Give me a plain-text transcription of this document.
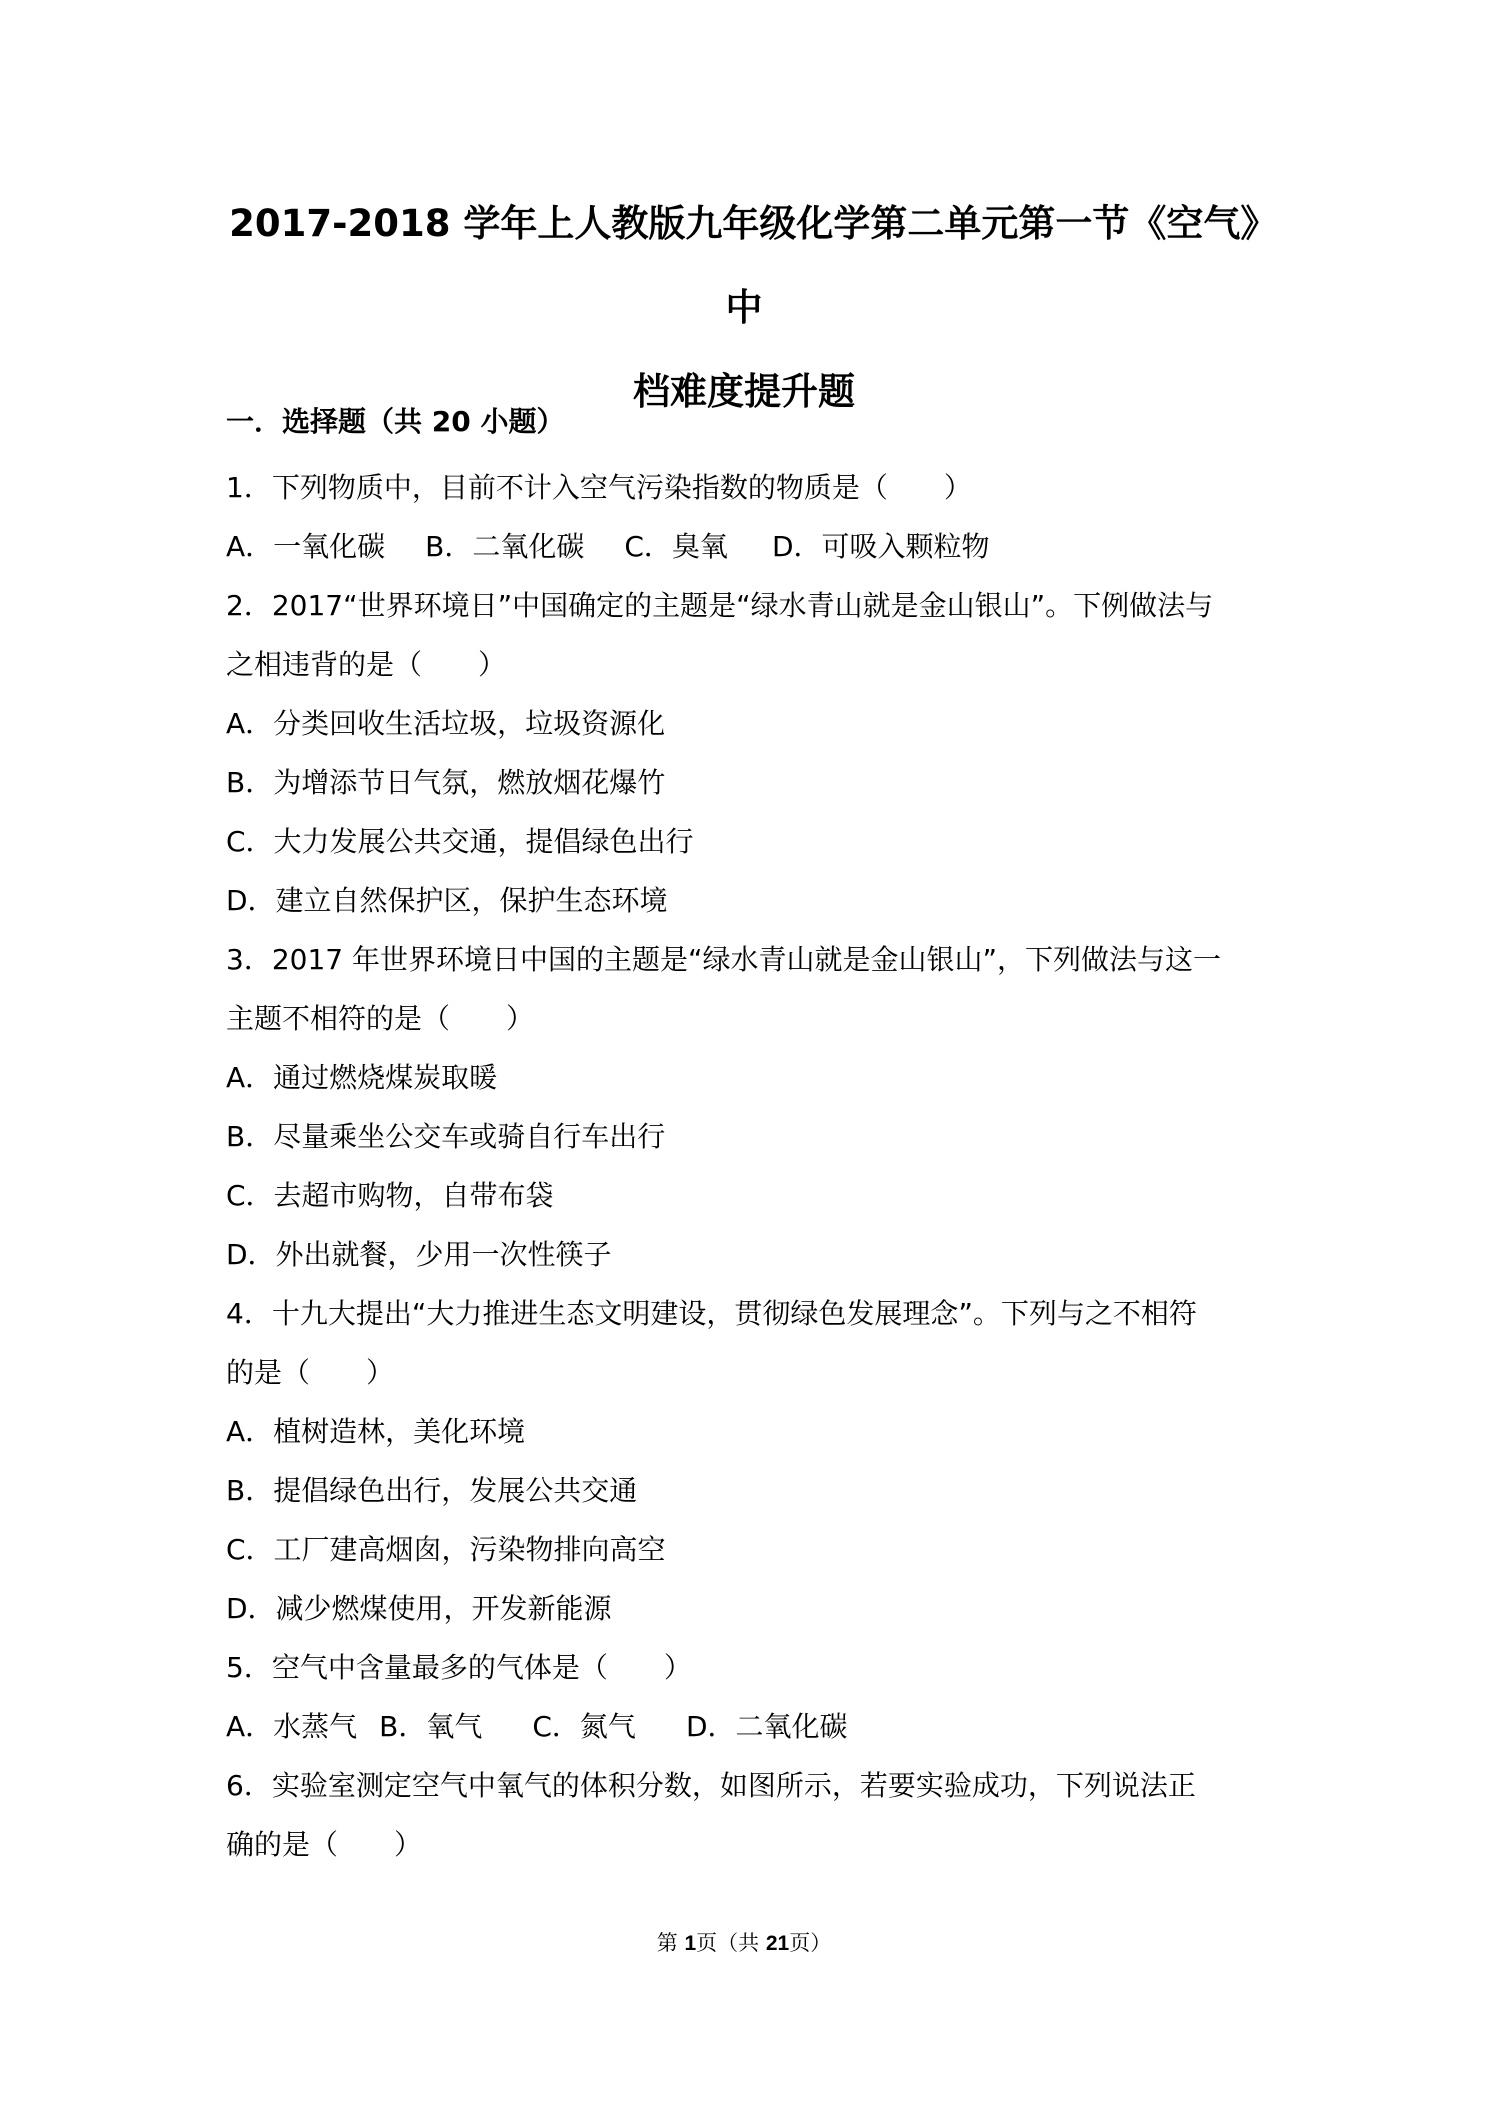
2017-2018 学年上人教版九年级化学第二单元第一节《空气》中
档难度提升题
一．选择题（共 20 小题）

1．下列物质中，目前不计入空气污染指数的物质是（　　）

A．一氧化碳 B．二氧化碳 C．臭氧 D．可吸入颗粒物

2．2017“世界环境日”中国确定的主题是“绿水青山就是金山银山”。下例做法与

之相违背的是（　　）

A．分类回收生活垃圾，垃圾资源化

B．为增添节日气氛，燃放烟花爆竹

C．大力发展公共交通，提倡绿色出行

D．建立自然保护区，保护生态环境

3．2017 年世界环境日中国的主题是“绿水青山就是金山银山”，下列做法与这一

主题不相符的是（　　）

A．通过燃烧煤炭取暖

B．尽量乘坐公交车或骑自行车出行

C．去超市购物，自带布袋

D．外出就餐，少用一次性筷子

4．十九大提出“大力推进生态文明建设，贯彻绿色发展理念”。下列与之不相符

的是（　　）

A．植树造林，美化环境

B．提倡绿色出行，发展公共交通

C．工厂建高烟囱，污染物排向高空

D．减少燃煤使用，开发新能源

5．空气中含量最多的气体是（　　）

A．水蒸气 B．氧气 C．氮气 D．二氧化碳

6．实验室测定空气中氧气的体积分数，如图所示，若要实验成功，下列说法正

确的是（　　）

第 1页（共 21页）
